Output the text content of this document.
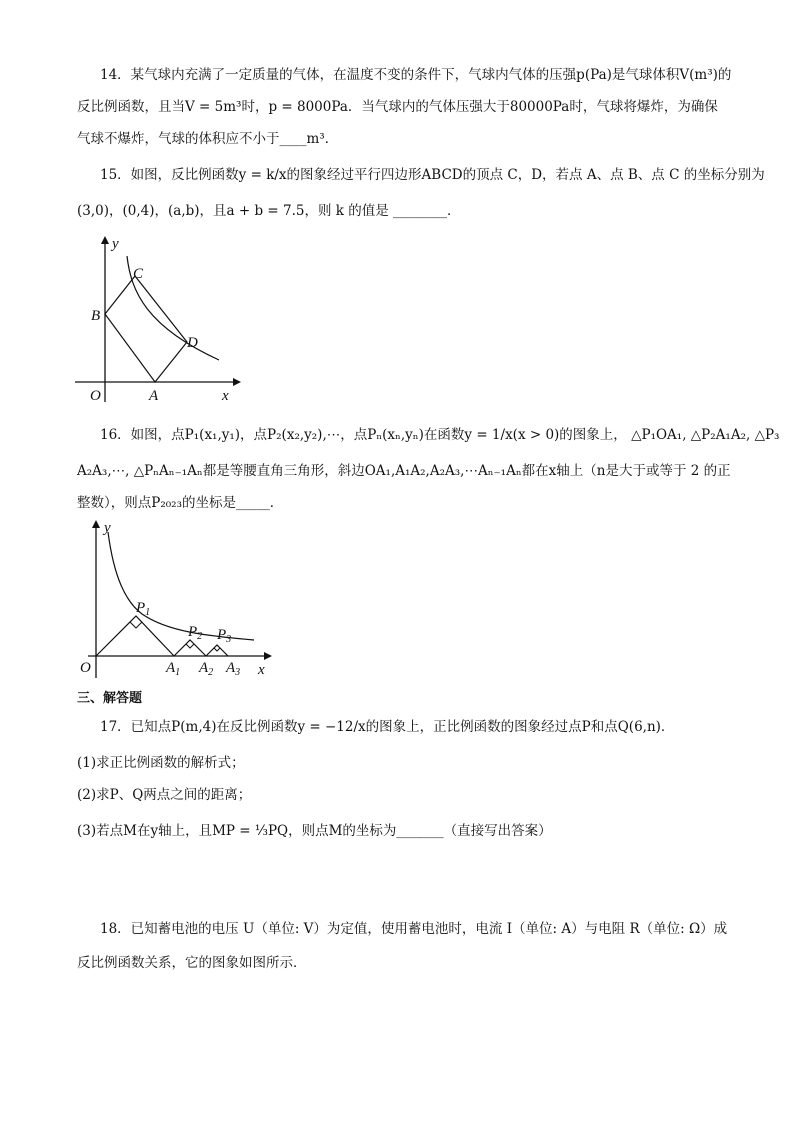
14．某气球内充满了一定质量的气体，在温度不变的条件下，气球内气体的压强p(Pa)是气球体积V(m³)的
反比例函数，且当V = 5m³时，p = 8000Pa．当气球内的气体压强大于80000Pa时，气球将爆炸，为确保
气球不爆炸，气球的体积应不小于____m³．
15．如图，反比例函数y = k/x的图象经过平行四边形ABCD的顶点 C，D，若点 A、点 B、点 C 的坐标分别为
(3,0)，(0,4)，(a,b)，且a + b = 7.5，则 k 的值是 ________．
y
x
O	A
B
C
D
16．如图，点P₁(x₁,y₁)，点P₂(x₂,y₂),⋯，点Pₙ(xₙ,yₙ)在函数y = 1/x(x > 0)的图象上， △P₁OA₁, △P₂A₁A₂, △P₃
A₂A₃,⋯, △PₙAₙ₋₁Aₙ都是等腰直角三角形，斜边OA₁,A₁A₂,A₂A₃,⋯Aₙ₋₁Aₙ都在x轴上（n是大于或等于 2 的正
整数），则点P₂₀₂₃的坐标是_____．
y
x
O
$P_1$
$P_2$ $P_3$
$A_1$ $A_2$ $A_3$
三、解答题
17．已知点P(m,4)在反比例函数y = −12/x的图象上，正比例函数的图象经过点P和点Q(6,n)．
(1)求正比例函数的解析式；
(2)求P、Q两点之间的距离；
(3)若点M在y轴上，且MP = ⅓PQ，则点M的坐标为_______（直接写出答案）
18．已知蓄电池的电压 U（单位: V）为定值，使用蓄电池时，电流 I（单位: A）与电阻 R（单位: Ω）成
反比例函数关系，它的图象如图所示．
